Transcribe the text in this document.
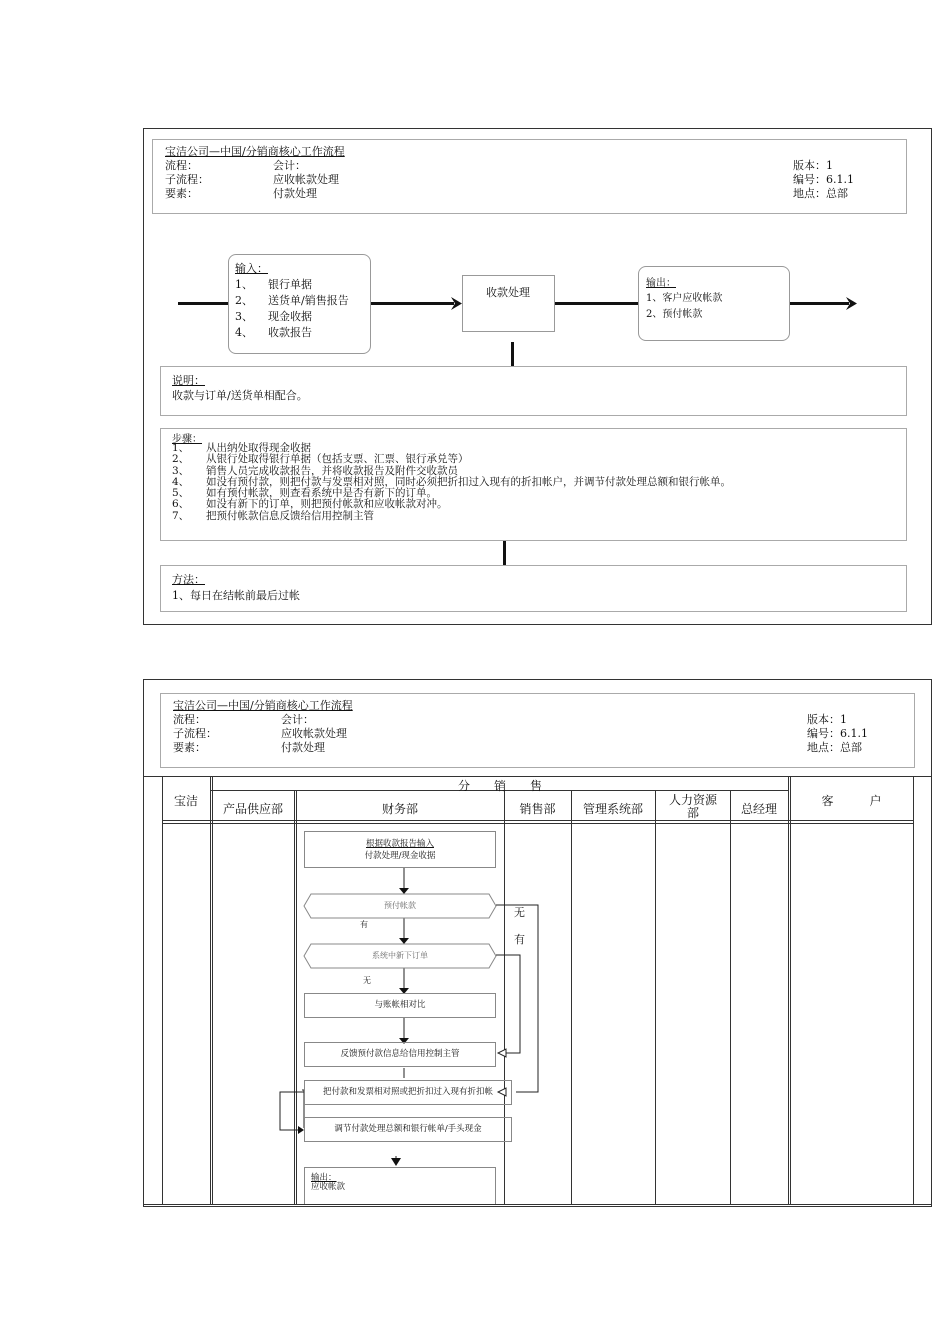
宝洁公司—中国/分销商核心工作流程
流程：	会计：
子流程：	应收帐款处理
要素：	付款处理
版本：1
编号：6.1.1
地点：总部
输入：
1、 银行单据
2、 送货单/销售报告
3、 现金收据
4、 收款报告
收款处理
输出：
1、客户应收帐款
2、预付帐款
说明：
收款与订单/送货单相配合。
步骤：
1、 从出纳处取得现金收据
2、 从银行处取得银行单据（包括支票、汇票、银行承兑等）
3、 销售人员完成收款报告，并将收款报告及附件交收款员
4、 如没有预付款，则把付款与发票相对照，同时必须把折扣过入现有的折扣帐户，并调节付款处理总额和银行帐单。
5、 如有预付帐款，则查看系统中是否有新下的订单。
6、 如没有新下的订单，则把预付帐款和应收帐款对冲。
7、 把预付帐款信息反馈给信用控制主管
方法：
1、每日在结帐前最后过帐
宝洁公司—中国/分销商核心工作流程
流程：	会计：
子流程：	应收帐款处理
要素：	付款处理
版本：1
编号：6.1.1
地点：总部
宝洁
分　　销　　售
产品供应部	财务部	销售部	管理系统部
人力资源部	总经理
客　　　户
根据收款报告输入
付款处理/现金收据
预付帐款
系统中新下订单
有
无
无
有
与账帐相对比
反馈预付款信息给信用控制主管
把付款和发票相对照或把折扣过入现有折扣帐
调节付款处理总额和银行帐单/手头现金
输出：
应收帐款
